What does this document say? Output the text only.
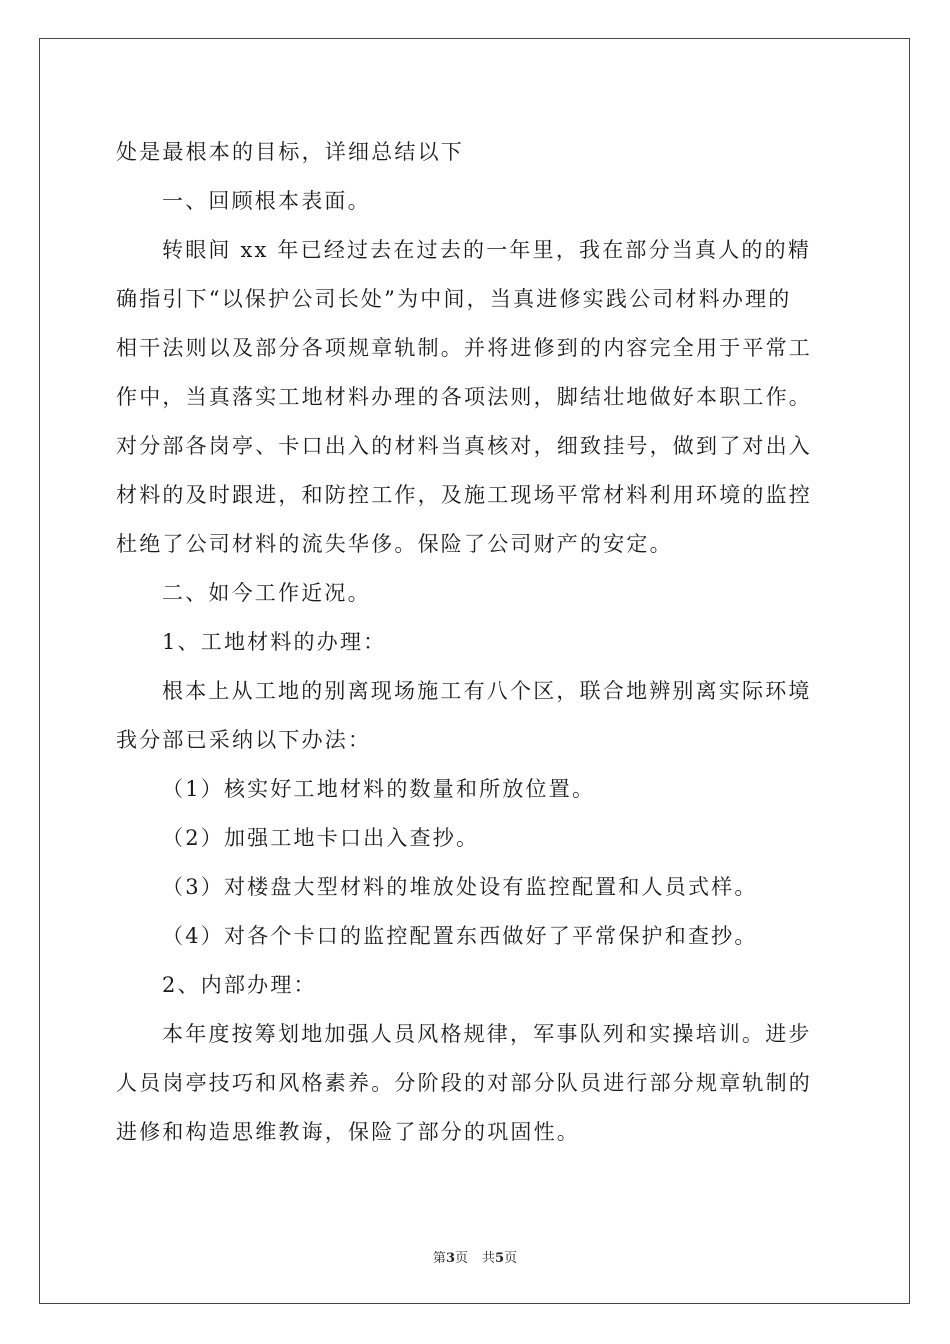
处是最根本的目标，详细总结以下

一、回顾根本表面。

转眼间 xx 年已经过去在过去的一年里，我在部分当真人的的精

确指引下“以保护公司长处”为中间，当真进修实践公司材料办理的

相干法则以及部分各项规章轨制。并将进修到的内容完全用于平常工

作中，当真落实工地材料办理的各项法则，脚结壮地做好本职工作。

对分部各岗亭、卡口出入的材料当真核对，细致挂号，做到了对出入

材料的及时跟进，和防控工作，及施工现场平常材料利用环境的监控

杜绝了公司材料的流失华侈。保险了公司财产的安定。

二、如今工作近况。

1、工地材料的办理：

根本上从工地的别离现场施工有八个区，联合地辨别离实际环境

我分部已采纳以下办法：

（1）核实好工地材料的数量和所放位置。

（2）加强工地卡口出入查抄。

（3）对楼盘大型材料的堆放处设有监控配置和人员式样。

（4）对各个卡口的监控配置东西做好了平常保护和查抄。

2、内部办理：

本年度按筹划地加强人员风格规律，军事队列和实操培训。进步

人员岗亭技巧和风格素养。分阶段的对部分队员进行部分规章轨制的

进修和构造思维教诲，保险了部分的巩固性。

第3页 共5页
